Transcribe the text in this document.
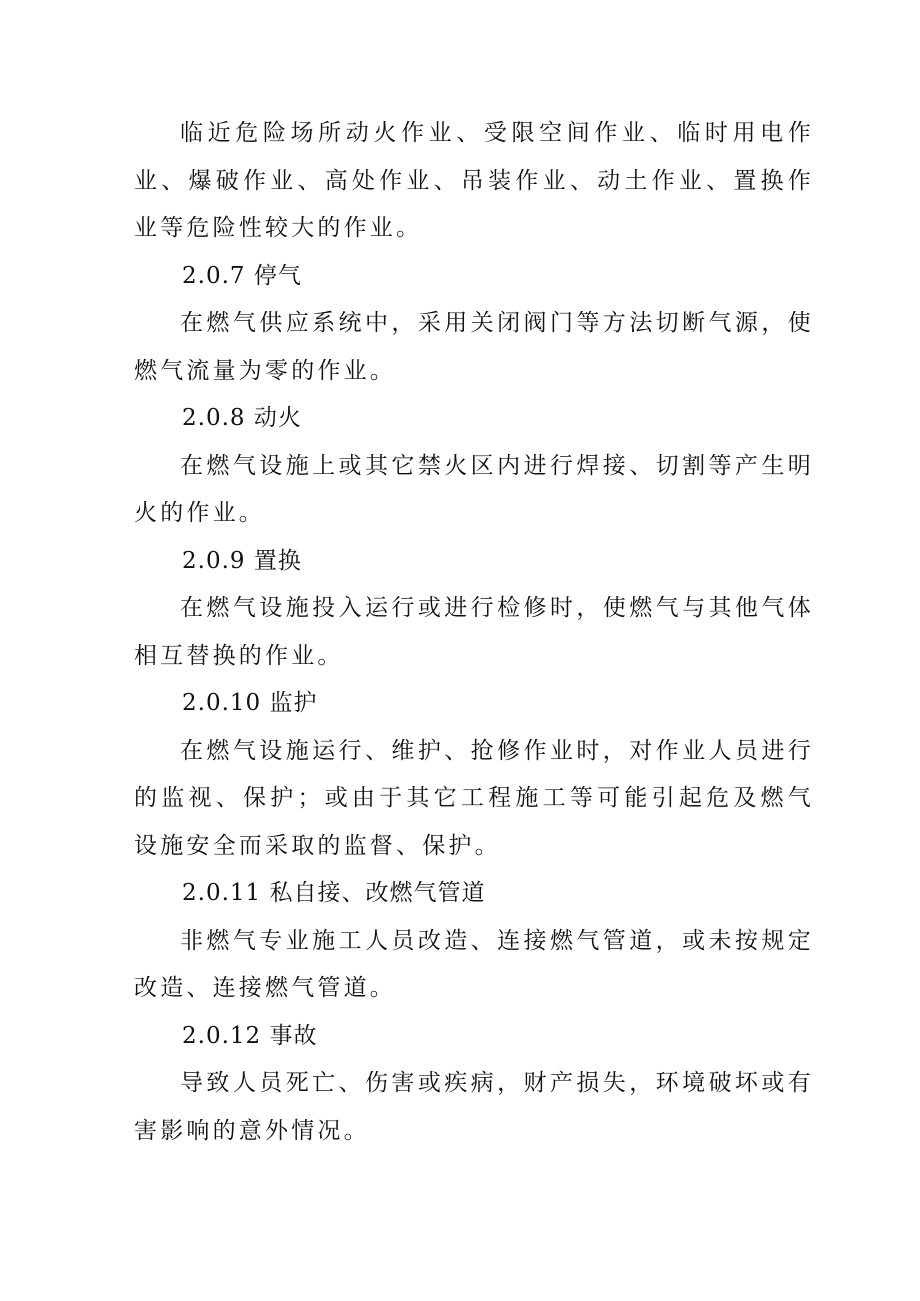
临近危险场所动火作业、受限空间作业、临时用电作业、爆破作业、高处作业、吊装作业、动土作业、置换作业等危险性较大的作业。

2.0.7 停气

在燃气供应系统中，采用关闭阀门等方法切断气源，使燃气流量为零的作业。

2.0.8 动火

在燃气设施上或其它禁火区内进行焊接、切割等产生明火的作业。

2.0.9 置换

在燃气设施投入运行或进行检修时，使燃气与其他气体相互替换的作业。

2.0.10 监护

在燃气设施运行、维护、抢修作业时，对作业人员进行的监视、保护；或由于其它工程施工等可能引起危及燃气设施安全而采取的监督、保护。

2.0.11 私自接、改燃气管道

非燃气专业施工人员改造、连接燃气管道，或未按规定改造、连接燃气管道。

2.0.12 事故

导致人员死亡、伤害或疾病，财产损失，环境破坏或有害影响的意外情况。
